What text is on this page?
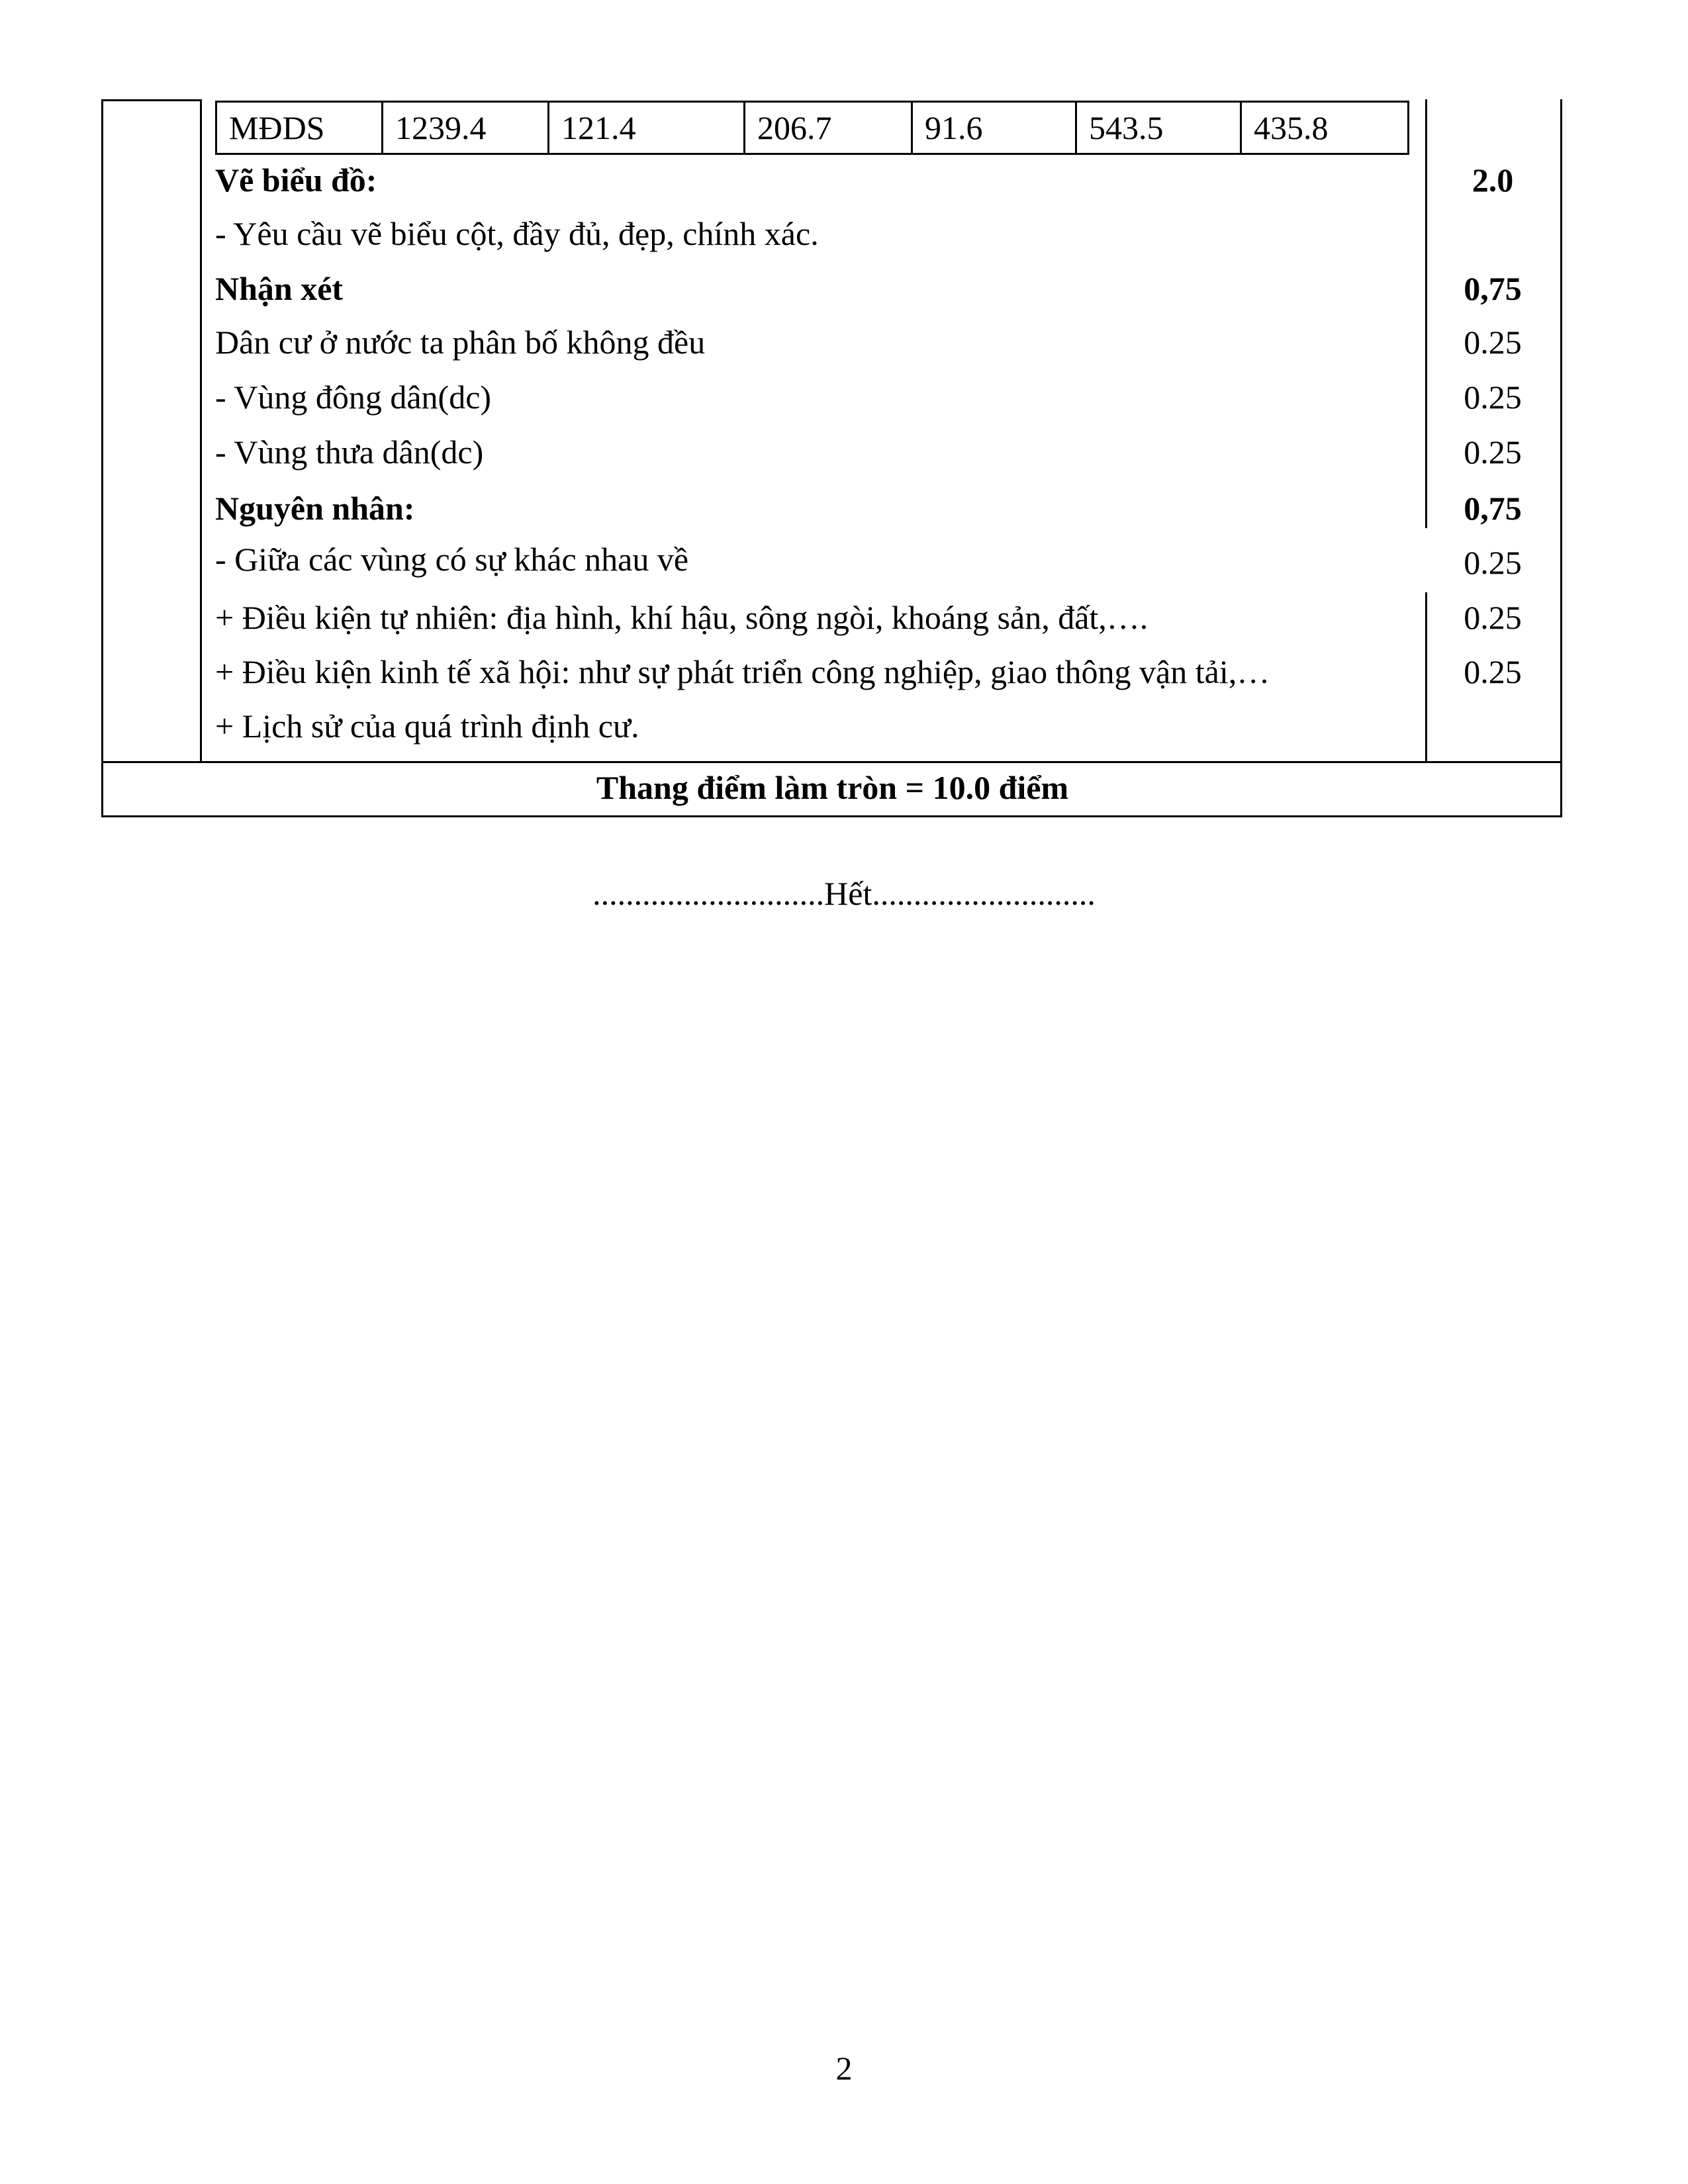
MĐDS	1239.4	121.4	206.7	91.6	543.5	435.8
Vẽ biểu đồ:	2.0
- Yêu cầu vẽ biểu cột, đầy đủ, đẹp, chính xác.
Nhận xét	0,75
Dân cư ở nước ta phân bố không đều	0.25
- Vùng đông dân(dc)	0.25
- Vùng thưa dân(dc)	0.25
Nguyên nhân:	0,75
- Giữa các vùng có sự khác nhau về	0.25
+ Điều kiện tự nhiên: địa hình, khí hậu, sông ngòi, khoáng sản, đất,….	0.25
+ Điều kiện kinh tế xã hội: như sự phát triển công nghiệp, giao thông vận tải,…	0.25
+ Lịch sử của quá trình định cư.
Thang điểm làm tròn = 10.0 điểm
............................Hết...........................
2
